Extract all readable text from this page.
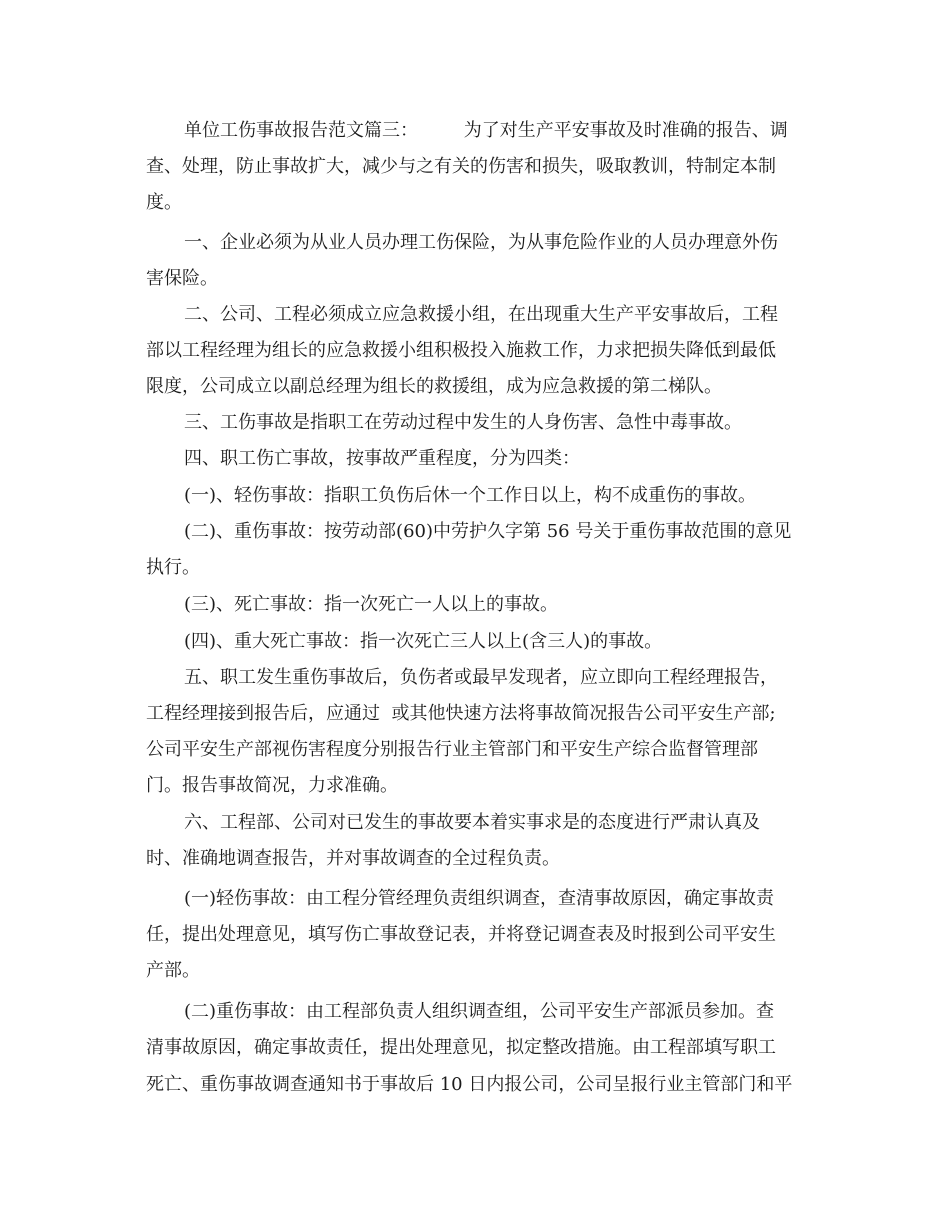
单位工伤事故报告范文篇三：        为了对生产平安事故及时准确的报告、调

查、处理，防止事故扩大，减少与之有关的伤害和损失，吸取教训，特制定本制

度。

一、企业必须为从业人员办理工伤保险，为从事危险作业的人员办理意外伤

害保险。

二、公司、工程必须成立应急救援小组，在出现重大生产平安事故后，工程

部以工程经理为组长的应急救援小组积极投入施救工作，力求把损失降低到最低

限度，公司成立以副总经理为组长的救援组，成为应急救援的第二梯队。

三、工伤事故是指职工在劳动过程中发生的人身伤害、急性中毒事故。

四、职工伤亡事故，按事故严重程度，分为四类：

(一)、轻伤事故：指职工负伤后休一个工作日以上，构不成重伤的事故。

(二)、重伤事故：按劳动部(60)中劳护久字第 56 号关于重伤事故范围的意见

执行。

(三)、死亡事故：指一次死亡一人以上的事故。

(四)、重大死亡事故：指一次死亡三人以上(含三人)的事故。

五、职工发生重伤事故后，负伤者或最早发现者，应立即向工程经理报告，

工程经理接到报告后，应通过  或其他快速方法将事故简况报告公司平安生产部;

公司平安生产部视伤害程度分别报告行业主管部门和平安生产综合监督管理部

门。报告事故简况，力求准确。

六、工程部、公司对已发生的事故要本着实事求是的态度进行严肃认真及

时、准确地调查报告，并对事故调查的全过程负责。

(一)轻伤事故：由工程分管经理负责组织调查，查清事故原因，确定事故责

任，提出处理意见，填写伤亡事故登记表，并将登记调查表及时报到公司平安生

产部。

(二)重伤事故：由工程部负责人组织调查组，公司平安生产部派员参加。查

清事故原因，确定事故责任，提出处理意见，拟定整改措施。由工程部填写职工

死亡、重伤事故调查通知书于事故后 10 日内报公司，公司呈报行业主管部门和平
